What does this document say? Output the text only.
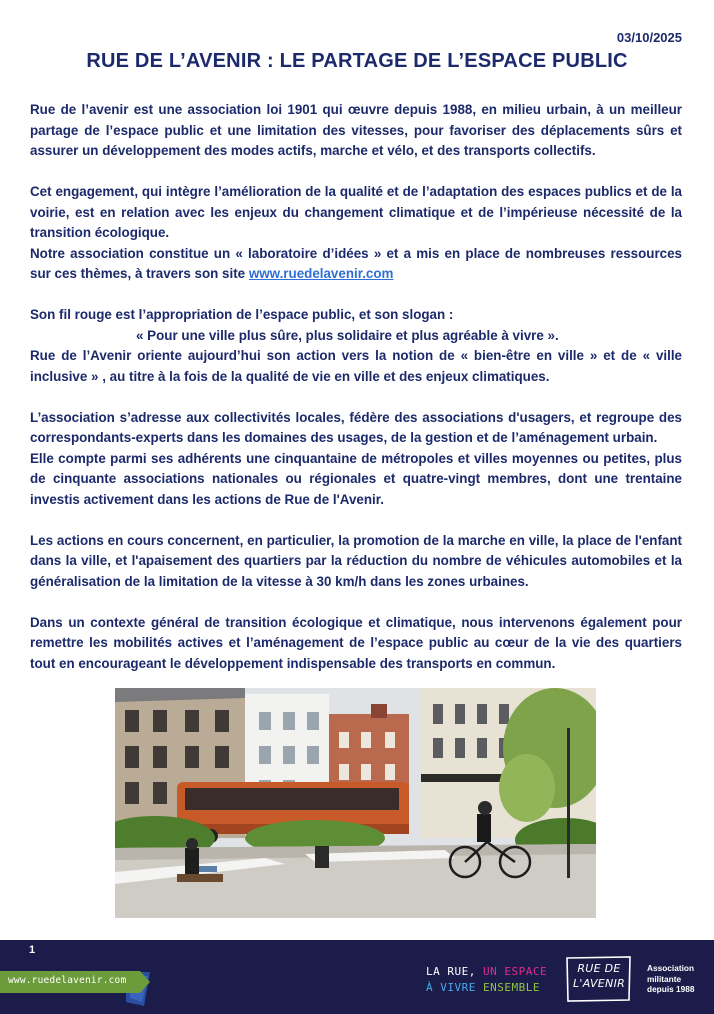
03/10/2025
RUE DE L’AVENIR : LE PARTAGE DE L’ESPACE PUBLIC

Rue de l’avenir est une association loi 1901 qui œuvre depuis 1988, en milieu urbain, à un meilleur partage de l’espace public et une limitation des vitesses, pour favoriser des déplacements sûrs et assurer un développement des modes actifs, marche et vélo, et des transports collectifs.

Cet engagement, qui intègre l’amélioration de la qualité et de l’adaptation des espaces publics et de la voirie, est en relation avec les enjeux du changement climatique et de l’impérieuse nécessité de la transition écologique.

Notre association constitue un « laboratoire d’idées » et a mis en place de nombreuses ressources sur ces thèmes, à travers son site www.ruedelavenir.com

Son fil rouge est l’appropriation de l’espace public, et son slogan :

« Pour une ville plus sûre, plus solidaire et plus agréable à vivre ».

Rue de l’Avenir oriente aujourd’hui son action vers la notion de « bien-être en ville » et de « ville inclusive » , au titre à la fois de la qualité de vie en ville et des enjeux climatiques.

L’association s’adresse aux collectivités locales, fédère des associations d'usagers, et regroupe des correspondants-experts dans les domaines des usages, de la gestion et de l’aménagement urbain.

Elle compte parmi ses adhérents une cinquantaine de métropoles et villes moyennes ou petites, plus de cinquante associations nationales ou régionales et quatre-vingt membres, dont une trentaine investis activement dans les actions de Rue de l'Avenir.

Les actions en cours concernent, en particulier, la promotion de la marche en ville, la place de l'enfant dans la ville, et l'apaisement des quartiers par la réduction du nombre de véhicules automobiles et la généralisation de la limitation de la vitesse à 30 km/h dans les zones urbaines.

Dans un contexte général de transition écologique et climatique, nous intervenons également pour remettre les mobilités actives et l’aménagement de l’espace public au cœur de la vie des quartiers tout en encourageant le développement indispensable des transports en commun.

1
www.ruedelavenir.com
LA RUE, UN ESPACE
À VIVRE ENSEMBLE
RUE DE
L'AVENIR
Association
militante
depuis 1988
